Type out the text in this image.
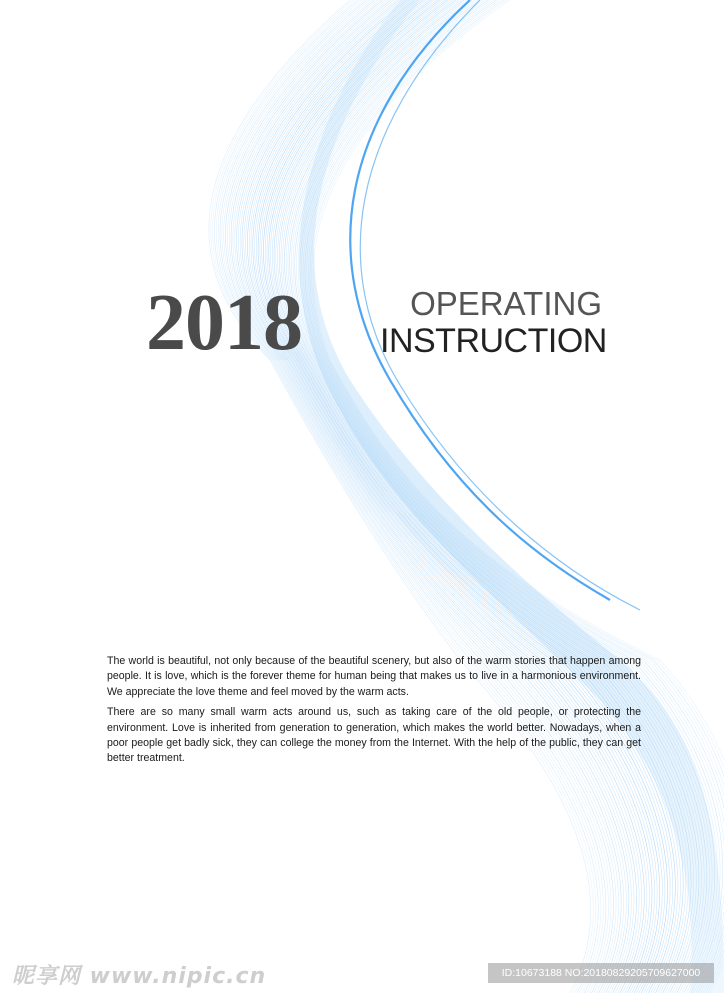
2018	OPERATING
INSTRUCTION

The world is beautiful, not only because of the beautiful scenery, but also of the warm stories that happen among people. It is love, which is the forever theme for human being that makes us to live in a harmonious environment. We appreciate the love theme and feel moved by the warm acts.

There are so many small warm acts around us, such as taking care of the old people, or protecting the environment. Love is inherited from generation to generation, which makes the world better. Nowadays, when a poor people get badly sick, they can college the money from the Internet. With the help of the public, they can get better treatment.

昵享网 www.nipic.cn	ID:10673188 NO:20180829205709627000
